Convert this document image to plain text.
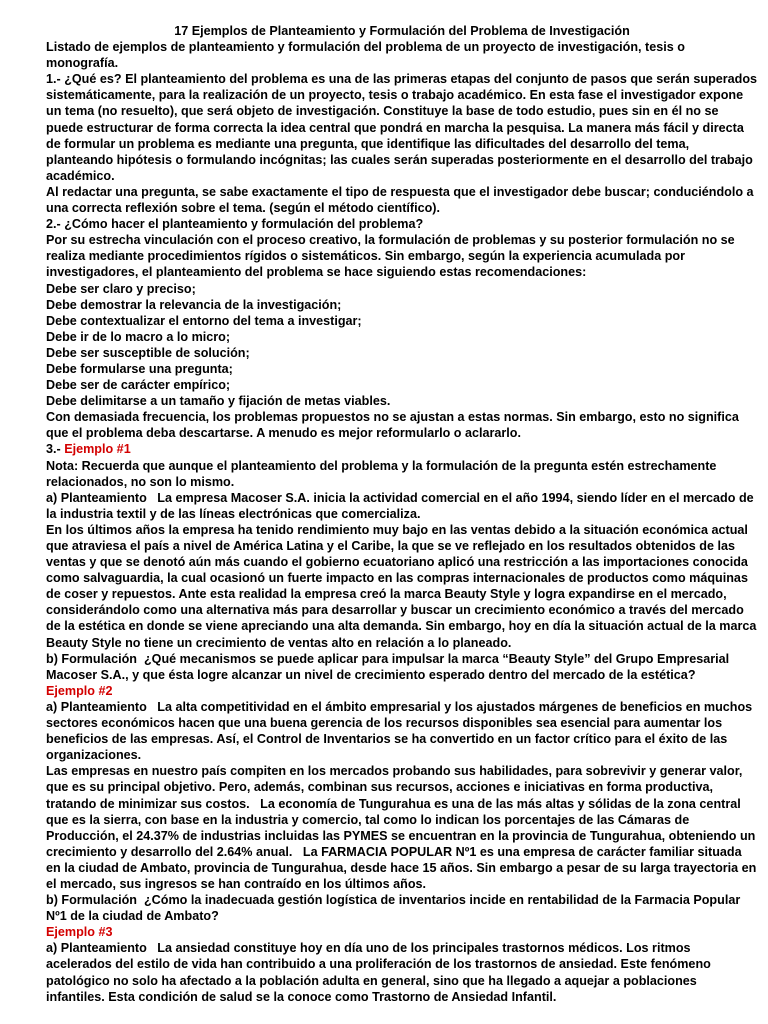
17 Ejemplos de Planteamiento y Formulación del Problema de Investigación

Listado de ejemplos de planteamiento y formulación del problema de un proyecto de investigación, tesis o monografía.

1.- ¿Qué es? El planteamiento del problema es una de las primeras etapas del conjunto de pasos que serán superados sistemáticamente, para la realización de un proyecto, tesis o trabajo académico. En esta fase el investigador expone un tema (no resuelto), que será objeto de investigación. Constituye la base de todo estudio, pues sin en él no se puede estructurar de forma correcta la idea central que pondrá en marcha la pesquisa. La manera más fácil y directa de formular un problema es mediante una pregunta, que identifique las dificultades del desarrollo del tema, planteando hipótesis o formulando incógnitas; las cuales serán superadas posteriormente en el desarrollo del trabajo académico.

Al redactar una pregunta, se sabe exactamente el tipo de respuesta que el investigador debe buscar; conduciéndolo a una correcta reflexión sobre el tema. (según el método científico).

2.- ¿Cómo hacer el planteamiento y formulación del problema?

Por su estrecha vinculación con el proceso creativo, la formulación de problemas y su posterior formulación no se realiza mediante procedimientos rígidos o sistemáticos. Sin embargo, según la experiencia acumulada por investigadores, el planteamiento del problema se hace siguiendo estas recomendaciones:

Debe ser claro y preciso;

Debe demostrar la relevancia de la investigación;

Debe contextualizar el entorno del tema a investigar;

Debe ir de lo macro a lo micro;

Debe ser susceptible de solución;

Debe formularse una pregunta;

Debe ser de carácter empírico;

Debe delimitarse a un tamaño y fijación de metas viables.

Con demasiada frecuencia, los problemas propuestos no se ajustan a estas normas. Sin embargo, esto no significa que el problema deba descartarse. A menudo es mejor reformularlo o aclararlo.

3.- Ejemplo #1

Nota: Recuerda que aunque el planteamiento del problema y la formulación de la pregunta estén estrechamente relacionados, no son lo mismo.

a) Planteamiento   La empresa Macoser S.A. inicia la actividad comercial en el año 1994, siendo líder en el mercado de la industria textil y de las líneas electrónicas que comercializa.

En los últimos años la empresa ha tenido rendimiento muy bajo en las ventas debido a la situación económica actual que atraviesa el país a nivel de América Latina y el Caribe, la que se ve reflejado en los resultados obtenidos de las ventas y que se denotó aún más cuando el gobierno ecuatoriano aplicó una restricción a las importaciones conocida como salvaguardia, la cual ocasionó un fuerte impacto en las compras internacionales de productos como máquinas de coser y repuestos. Ante esta realidad la empresa creó la marca Beauty Style y logra expandirse en el mercado, considerándolo como una alternativa más para desarrollar y buscar un crecimiento económico a través del mercado de la estética en donde se viene apreciando una alta demanda. Sin embargo, hoy en día la situación actual de la marca Beauty Style no tiene un crecimiento de ventas alto en relación a lo planeado.

b) Formulación  ¿Qué mecanismos se puede aplicar para impulsar la marca “Beauty Style” del Grupo Empresarial Macoser S.A., y que ésta logre alcanzar un nivel de crecimiento esperado dentro del mercado de la estética?

Ejemplo #2

a) Planteamiento   La alta competitividad en el ámbito empresarial y los ajustados márgenes de beneficios en muchos sectores económicos hacen que una buena gerencia de los recursos disponibles sea esencial para aumentar los beneficios de las empresas. Así, el Control de Inventarios se ha convertido en un factor crítico para el éxito de las organizaciones.

Las empresas en nuestro país compiten en los mercados probando sus habilidades, para sobrevivir y generar valor, que es su principal objetivo. Pero, además, combinan sus recursos, acciones e iniciativas en forma productiva, tratando de minimizar sus costos.   La economía de Tungurahua es una de las más altas y sólidas de la zona central que es la sierra, con base en la industria y comercio, tal como lo indican los porcentajes de las Cámaras de Producción, el 24.37% de industrias incluidas las PYMES se encuentran en la provincia de Tungurahua, obteniendo un crecimiento y desarrollo del 2.64% anual.   La FARMACIA POPULAR Nº1 es una empresa de carácter familiar situada en la ciudad de Ambato, provincia de Tungurahua, desde hace 15 años. Sin embargo a pesar de su larga trayectoria en el mercado, sus ingresos se han contraído en los últimos años.

b) Formulación  ¿Cómo la inadecuada gestión logística de inventarios incide en rentabilidad de la Farmacia Popular Nº1 de la ciudad de Ambato?

Ejemplo #3

a) Planteamiento   La ansiedad constituye hoy en día uno de los principales trastornos médicos. Los ritmos acelerados del estilo de vida han contribuido a una proliferación de los trastornos de ansiedad. Este fenómeno patológico no solo ha afectado a la población adulta en general, sino que ha llegado a aquejar a poblaciones infantiles. Esta condición de salud se la conoce como Trastorno de Ansiedad Infantil.
